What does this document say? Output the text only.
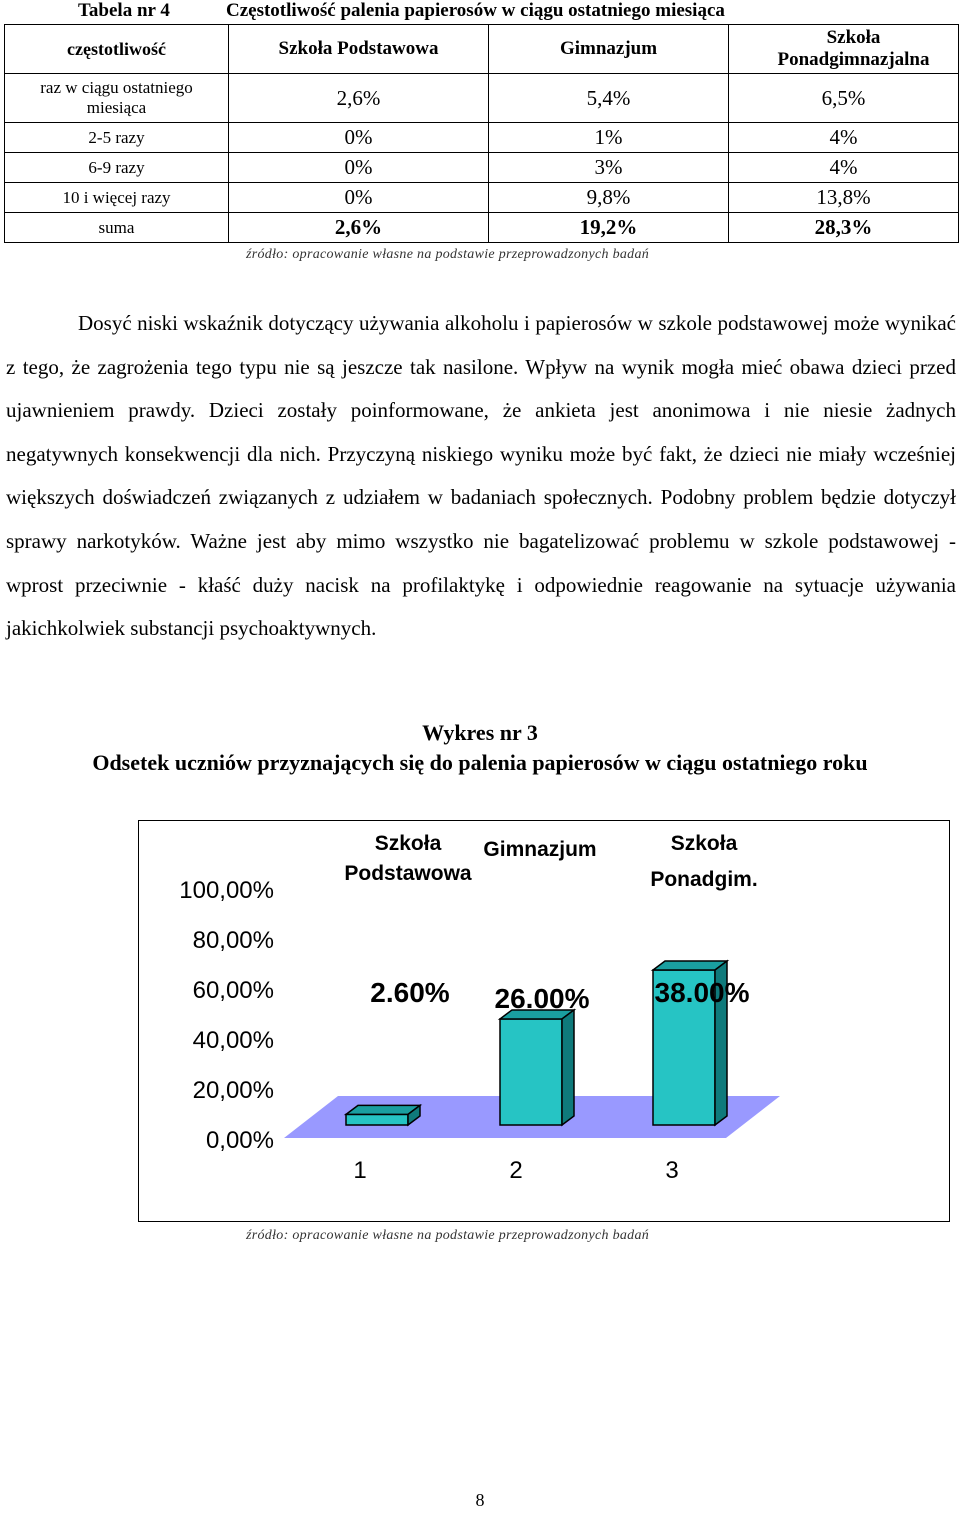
Tabela nr 4	Częstotliwość palenia papierosów w ciągu ostatniego miesiąca
częstotliwość	Szkoła Podstawowa	Gimnazjum	Szkoła Ponadgimnazjalna
raz w ciągu ostatniego miesiąca	2,6%	5,4%	6,5%
2-5 razy	0%	1%	4%
6-9 razy	0%	3%	4%
10 i więcej razy	0%	9,8%	13,8%
suma	2,6%	19,2%	28,3%
źródło: opracowanie własne na podstawie przeprowadzonych badań
Dosyć niski wskaźnik dotyczący używania alkoholu i papierosów w szkole podstawowej może wynikać z tego, że zagrożenia tego typu nie są jeszcze tak nasilone. Wpływ na wynik mogła mieć obawa dzieci przed ujawnieniem prawdy. Dzieci zostały poinformowane, że ankieta jest anonimowa i nie niesie żadnych negatywnych konsekwencji dla nich. Przyczyną niskiego wyniku może być fakt, że dzieci nie miały wcześniej większych doświadczeń związanych z udziałem w badaniach społecznych. Podobny problem będzie dotyczył sprawy narkotyków. Ważne jest aby mimo wszystko nie bagatelizować problemu w szkole podstawowej - wprost przeciwnie - kłaść duży nacisk na profilaktykę i odpowiednie reagowanie na sytuacje używania jakichkolwiek substancji psychoaktywnych.
Wykres nr 3
Odsetek uczniów przyznających się do palenia papierosów w ciągu ostatniego roku
100,00%
80,00%
60,00%
40,00%
20,00%
0,00%
1	2	3
Szkoła Podstawowa
Gimnazjum	Szkoła Ponadgim.
2.60% 26.00% 38.00%
źródło: opracowanie własne na podstawie przeprowadzonych badań
8
